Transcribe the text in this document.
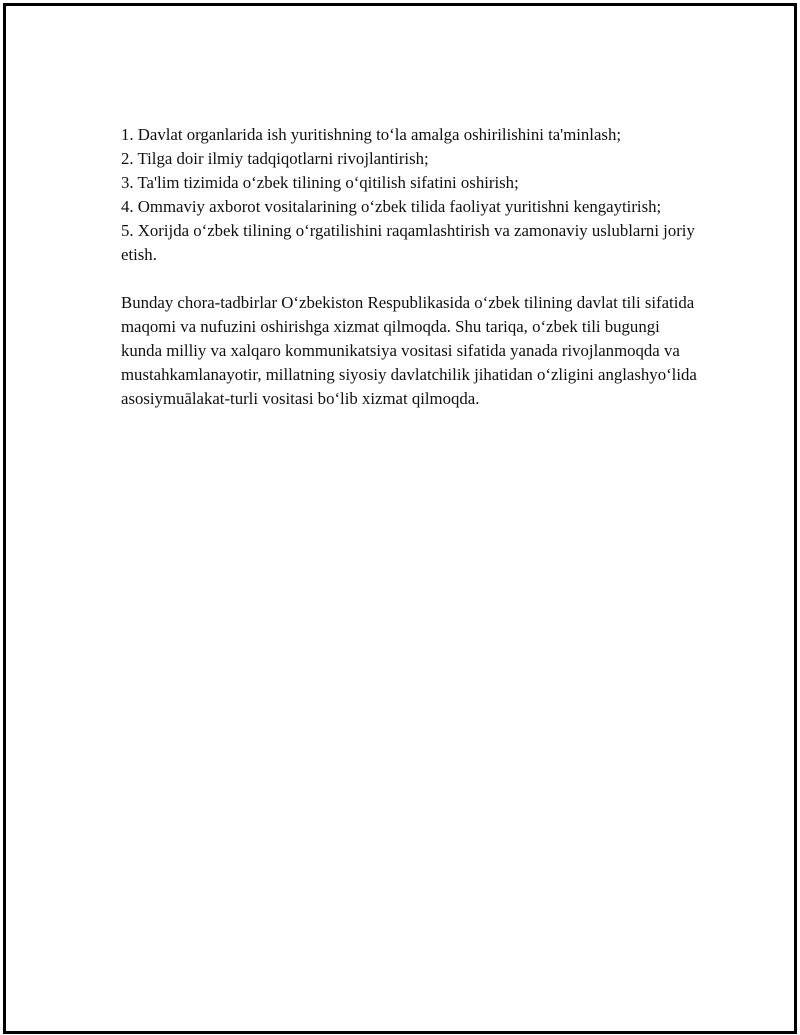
1. Davlat organlarida ish yuritishning to‘la amalga oshirilishini ta'minlash;

2. Tilga doir ilmiy tadqiqotlarni rivojlantirish;

3. Ta'lim tizimida o‘zbek tilining o‘qitilish sifatini oshirish;

4. Ommaviy axborot vositalarining o‘zbek tilida faoliyat yuritishni kengaytirish;

5. Xorijda o‘zbek tilining o‘rgatilishini raqamlashtirish va zamonaviy uslublarni joriy etish.

Bunday chora-tadbirlar O‘zbekiston Respublikasida o‘zbek tilining davlat tili sifatida maqomi va nufuzini oshirishga xizmat qilmoqda. Shu tariqa, o‘zbek tili bugungi kunda milliy va xalqaro kommunikatsiya vositasi sifatida yanada rivojlanmoqda va mustahkamlanayotir, millatning siyosiy davlatchilik jihatidan o‘zligini anglashyo‘lida asosiymuālakat-turli vositasi bo‘lib xizmat qilmoqda.
